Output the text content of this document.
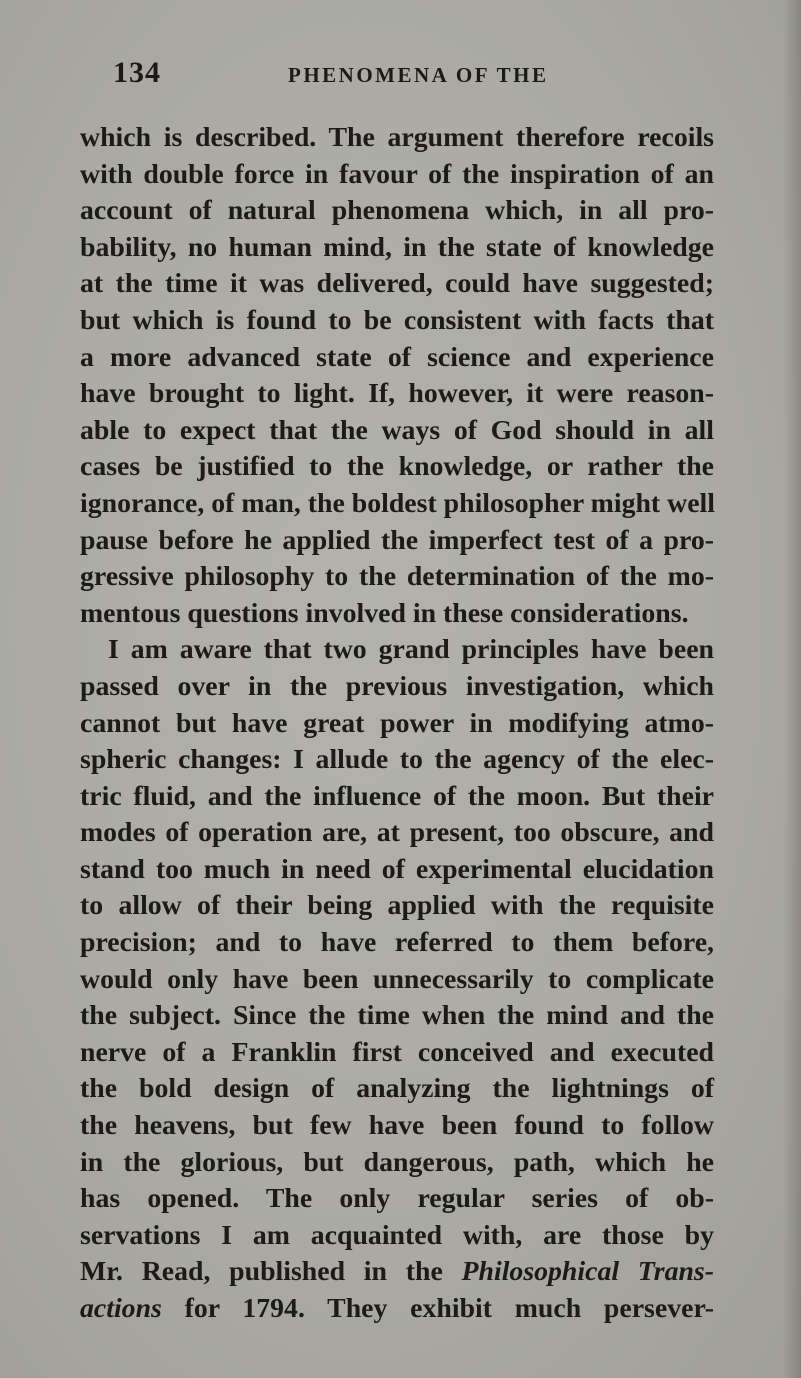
134	PHENOMENA OF THE
which is described. The argument therefore recoils
with double force in favour of the inspiration of an
account of natural phenomena which, in all pro-
bability, no human mind, in the state of knowledge
at the time it was delivered, could have suggested;
but which is found to be consistent with facts that
a more advanced state of science and experience
have brought to light. If, however, it were reason-
able to expect that the ways of God should in all
cases be justified to the knowledge, or rather the
ignorance, of man, the boldest philosopher might well
pause before he applied the imperfect test of a pro-
gressive philosophy to the determination of the mo-
mentous questions involved in these considerations.
I am aware that two grand principles have been
passed over in the previous investigation, which
cannot but have great power in modifying atmo-
spheric changes: I allude to the agency of the elec-
tric fluid, and the influence of the moon. But their
modes of operation are, at present, too obscure, and
stand too much in need of experimental elucidation
to allow of their being applied with the requisite
precision; and to have referred to them before,
would only have been unnecessarily to complicate
the subject. Since the time when the mind and the
nerve of a Franklin first conceived and executed
the bold design of analyzing the lightnings of
the heavens, but few have been found to follow
in the glorious, but dangerous, path, which he
has opened. The only regular series of ob-
servations I am acquainted with, are those by
Mr. Read, published in the Philosophical Trans-
actions for 1794. They exhibit much persever-
